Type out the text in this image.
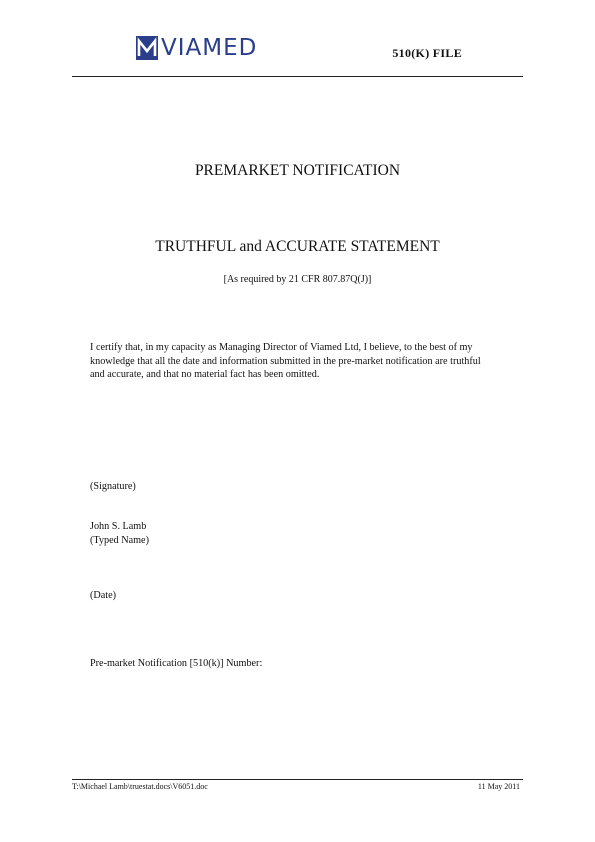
VIAMED	510(K) FILE
PREMARKET NOTIFICATION
TRUTHFUL and ACCURATE STATEMENT
[As required by 21 CFR 807.87Q(J)]
I certify that, in my capacity as Managing Director of Viamed Ltd, I believe, to the best of my knowledge that all the date and information submitted in the pre-market notification are truthful and accurate, and that no material fact has been omitted.
(Signature)
John S. Lamb
(Typed Name)
(Date)
Pre-market Notification [510(k)] Number:
T:\Michael Lamb\truestat.docs\V6051.doc	11 May 2011
